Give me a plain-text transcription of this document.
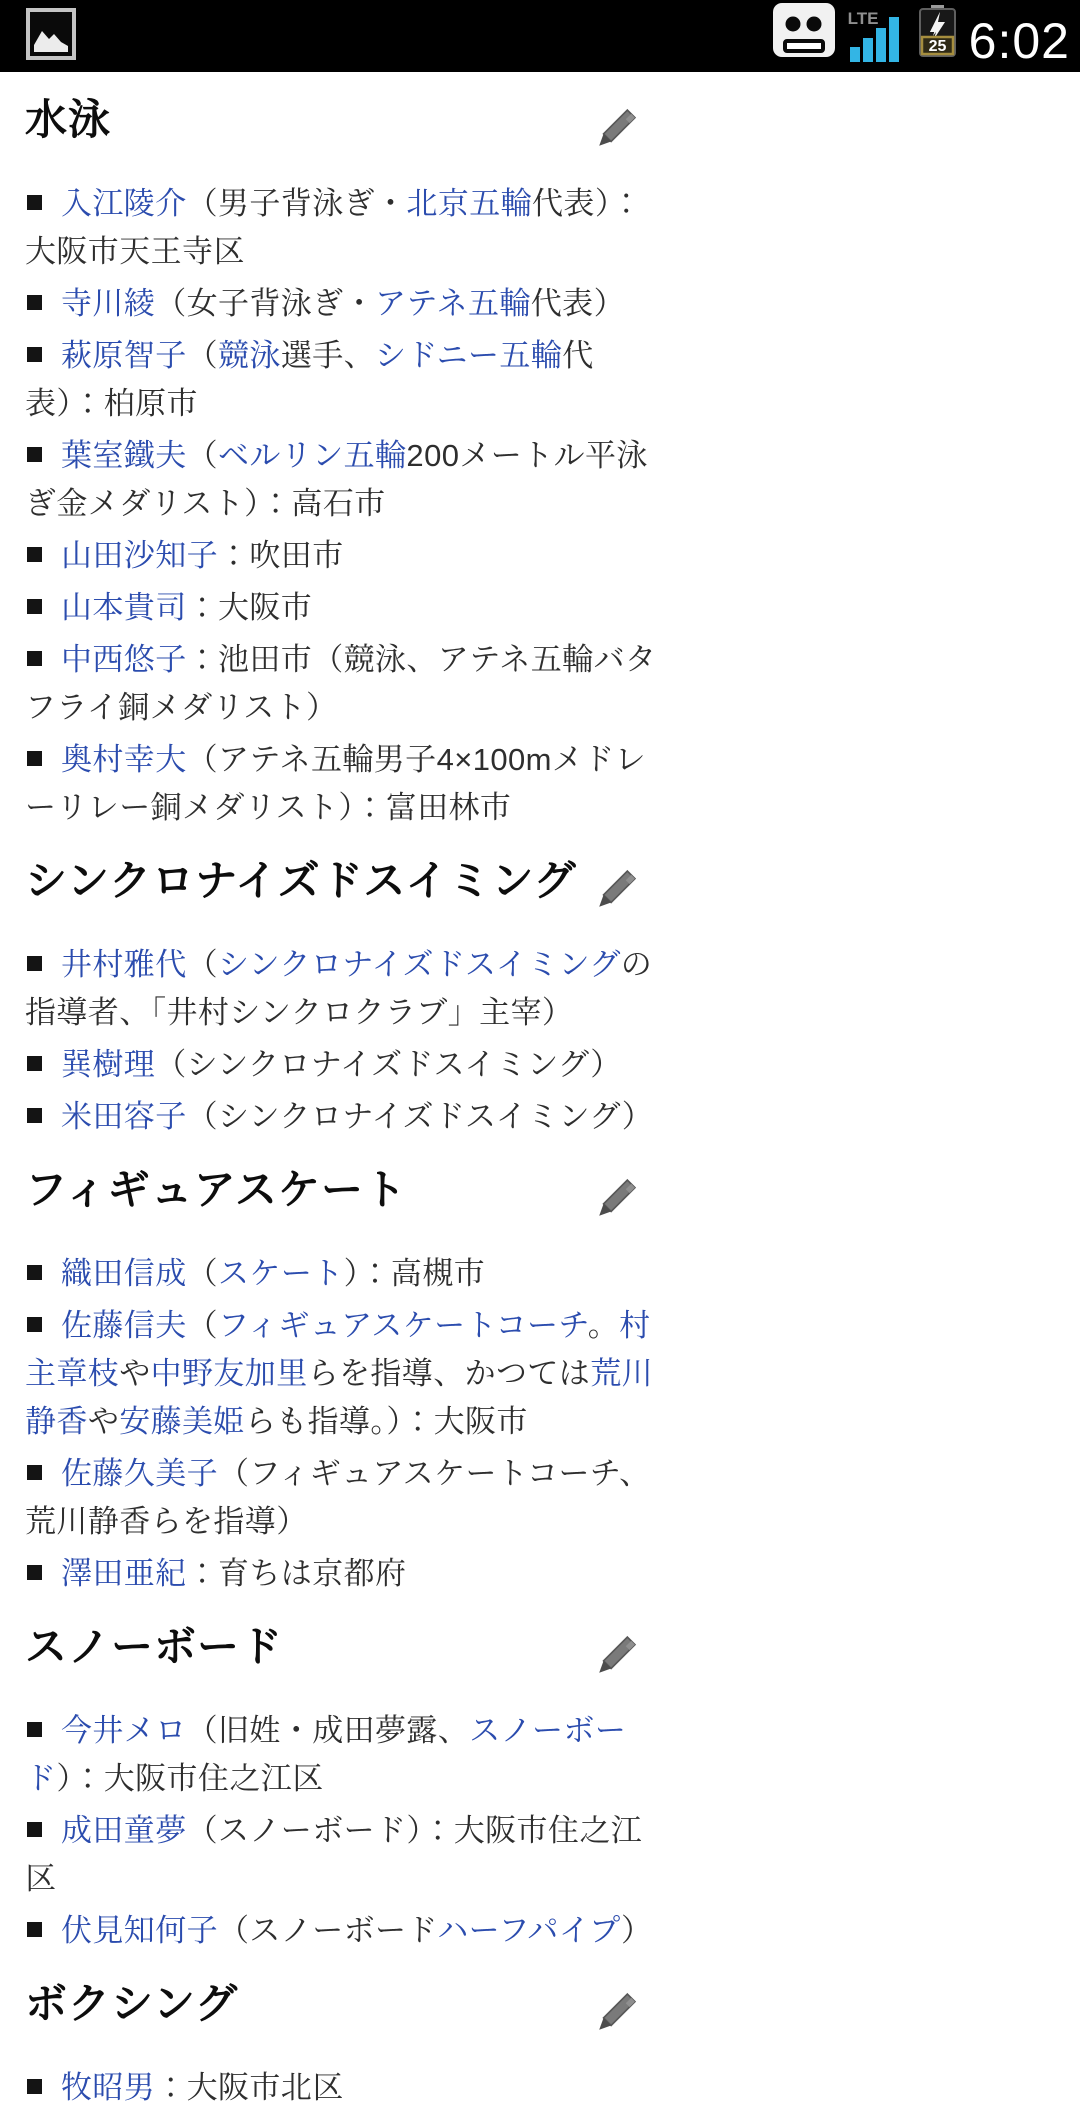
LTE
25 6:02
水泳
入江陵介（男子背泳ぎ・北京五輪代表）：大阪市天王寺区
寺川綾（女子背泳ぎ・アテネ五輪代表）
萩原智子（競泳選手、シドニー五輪代表）：柏原市
葉室鐵夫（ベルリン五輪200メートル平泳ぎ金メダリスト）：高石市
山田沙知子：吹田市
山本貴司：大阪市
中西悠子：池田市（競泳、アテネ五輪バタフライ銅メダリスト）
奥村幸大（アテネ五輪男子4×100mメドレーリレー銅メダリスト）：富田林市
シンクロナイズドスイミング
井村雅代（シンクロナイズドスイミングの指導者、「井村シンクロクラブ」主宰）
巽樹理（シンクロナイズドスイミング）
米田容子（シンクロナイズドスイミング）
フィギュアスケート
織田信成（スケート）：高槻市
佐藤信夫（フィギュアスケートコーチ。村主章枝や中野友加里らを指導、かつては荒川静香や安藤美姫らも指導。）：大阪市
佐藤久美子（フィギュアスケートコーチ、荒川静香らを指導）
澤田亜紀：育ちは京都府
スノーボード
今井メロ（旧姓・成田夢露、スノーボード）：大阪市住之江区
成田童夢（スノーボード）：大阪市住之江区
伏見知何子（スノーボードハーフパイプ）
ボクシング
牧昭男：大阪市北区
